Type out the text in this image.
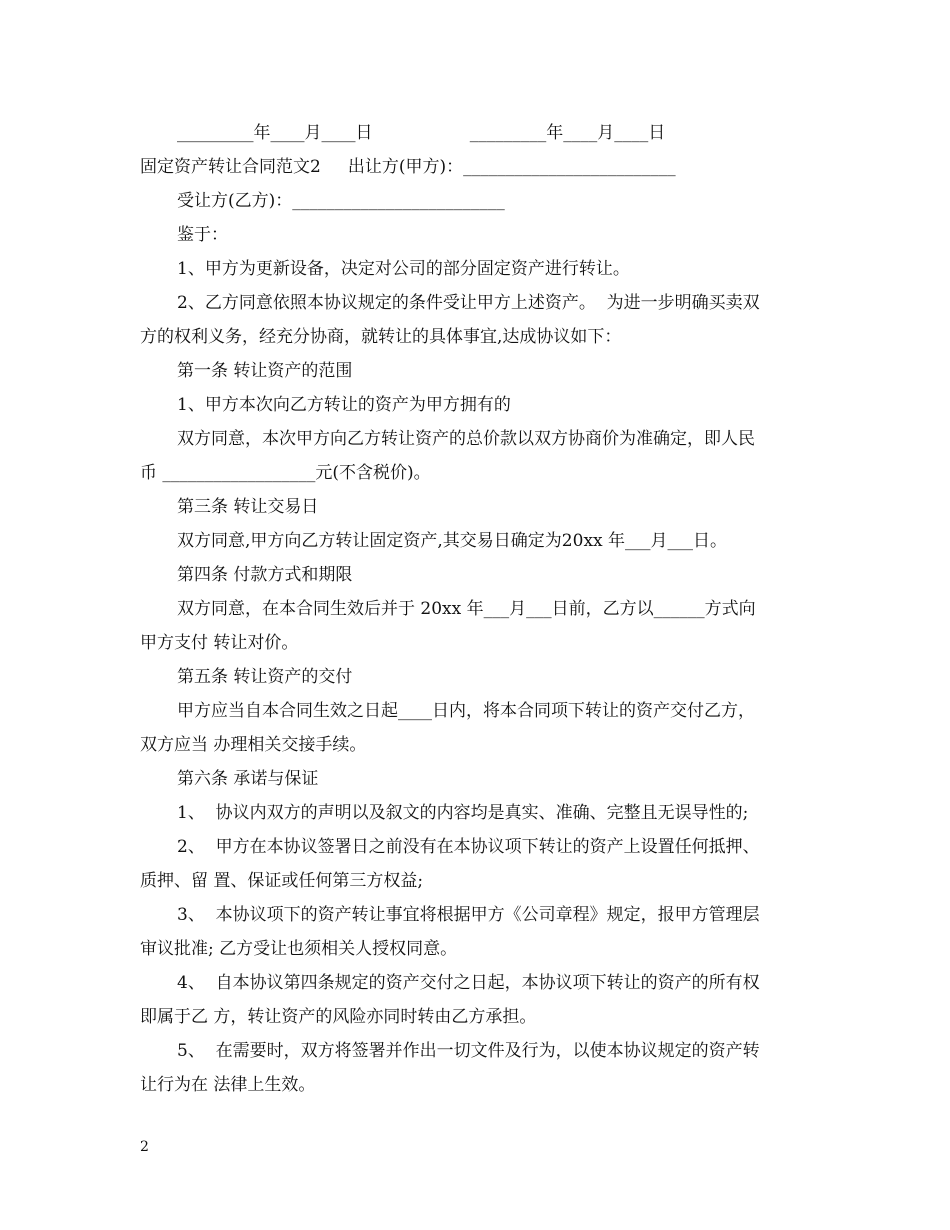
_________年____月____日                  _________年____月____日
固定资产转让合同范文2     出让方(甲方)：_________________________
受让方(乙方)：_________________________
鉴于：
1、甲方为更新设备，决定对公司的部分固定资产进行转让。
2、乙方同意依照本协议规定的条件受让甲方上述资产。  为进一步明确买卖双
方的权利义务，经充分协商，就转让的具体事宜,达成协议如下：
第一条 转让资产的范围
1、甲方本次向乙方转让的资产为甲方拥有的
双方同意，本次甲方向乙方转让资产的总价款以双方协商价为准确定，即人民
币 __________________元(不含税价)。
第三条 转让交易日
双方同意,甲方向乙方转让固定资产,其交易日确定为20xx 年___月___日。
第四条 付款方式和期限
双方同意，在本合同生效后并于 20xx 年___月___日前，乙方以______方式向
甲方支付 转让对价。
第五条 转让资产的交付
甲方应当自本合同生效之日起____日内，将本合同项下转让的资产交付乙方，
双方应当 办理相关交接手续。
第六条 承诺与保证
1、  协议内双方的声明以及叙文的内容均是真实、准确、完整且无误导性的;
2、  甲方在本协议签署日之前没有在本协议项下转让的资产上设置任何抵押、
质押、留 置、保证或任何第三方权益;
3、  本协议项下的资产转让事宜将根据甲方《公司章程》规定，报甲方管理层
审议批准; 乙方受让也须相关人授权同意。
4、  自本协议第四条规定的资产交付之日起，本协议项下转让的资产的所有权
即属于乙 方，转让资产的风险亦同时转由乙方承担。
5、  在需要时，双方将签署并作出一切文件及行为，以使本协议规定的资产转
让行为在 法律上生效。
2
